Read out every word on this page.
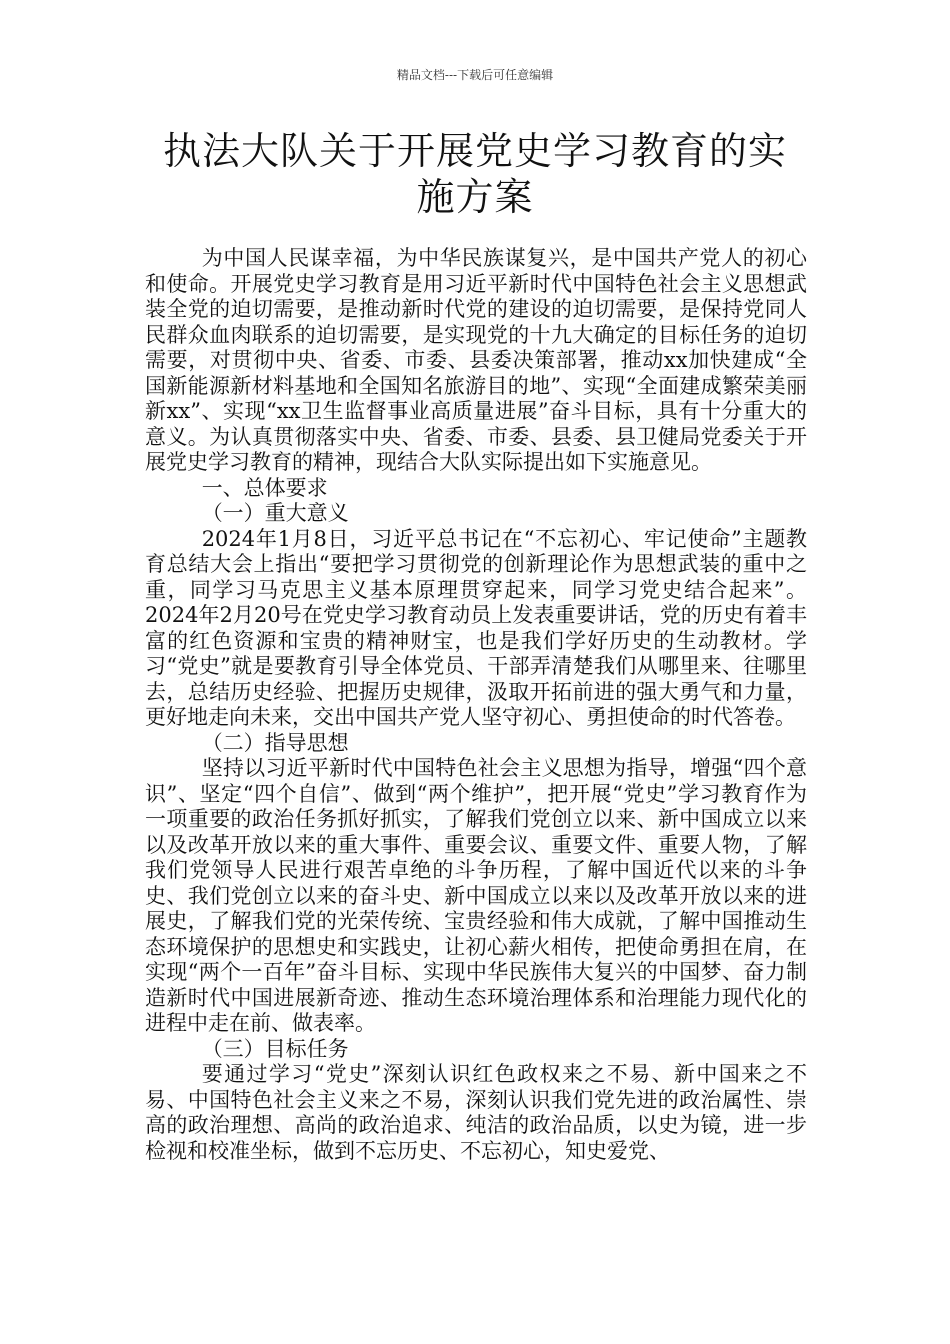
精品文档---下载后可任意编辑
执法大队关于开展党史学习教育的实施方案

为中国人民谋幸福，为中华民族谋复兴，是中国共产党人的初心和使命。开展党史学习教育是用习近平新时代中国特色社会主义思想武装全党的迫切需要，是推动新时代党的建设的迫切需要，是保持党同人民群众血肉联系的迫切需要，是实现党的十九大确定的目标任务的迫切需要，对贯彻中央、省委、市委、县委决策部署，推动xx加快建成“全国新能源新材料基地和全国知名旅游目的地”、实现“全面建成繁荣美丽新xx”、实现“xx卫生监督事业高质量进展”奋斗目标，具有十分重大的意义。为认真贯彻落实中央、省委、市委、县委、县卫健局党委关于开展党史学习教育的精神，现结合大队实际提出如下实施意见。

一、总体要求

（一）重大意义

2024年1月8日，习近平总书记在“不忘初心、牢记使命”主题教育总结大会上指出“要把学习贯彻党的创新理论作为思想武装的重中之重，同学习马克思主义基本原理贯穿起来，同学习党史结合起来”。2024年2月20号在党史学习教育动员上发表重要讲话，党的历史有着丰富的红色资源和宝贵的精神财宝，也是我们学好历史的生动教材。学习“党史”就是要教育引导全体党员、干部弄清楚我们从哪里来、往哪里去，总结历史经验、把握历史规律，汲取开拓前进的强大勇气和力量，更好地走向未来，交出中国共产党人坚守初心、勇担使命的时代答卷。

（二）指导思想

坚持以习近平新时代中国特色社会主义思想为指导，增强“四个意识”、坚定“四个自信”、做到“两个维护”，把开展“党史”学习教育作为一项重要的政治任务抓好抓实，了解我们党创立以来、新中国成立以来以及改革开放以来的重大事件、重要会议、重要文件、重要人物，了解我们党领导人民进行艰苦卓绝的斗争历程，了解中国近代以来的斗争史、我们党创立以来的奋斗史、新中国成立以来以及改革开放以来的进展史，了解我们党的光荣传统、宝贵经验和伟大成就，了解中国推动生态环境保护的思想史和实践史，让初心薪火相传，把使命勇担在肩，在实现“两个一百年”奋斗目标、实现中华民族伟大复兴的中国梦、奋力制造新时代中国进展新奇迹、推动生态环境治理体系和治理能力现代化的进程中走在前、做表率。

（三）目标任务

要通过学习“党史”深刻认识红色政权来之不易、新中国来之不易、中国特色社会主义来之不易，深刻认识我们党先进的政治属性、崇高的政治理想、高尚的政治追求、纯洁的政治品质，以史为镜，进一步检视和校准坐标，做到不忘历史、不忘初心，知史爱党、
